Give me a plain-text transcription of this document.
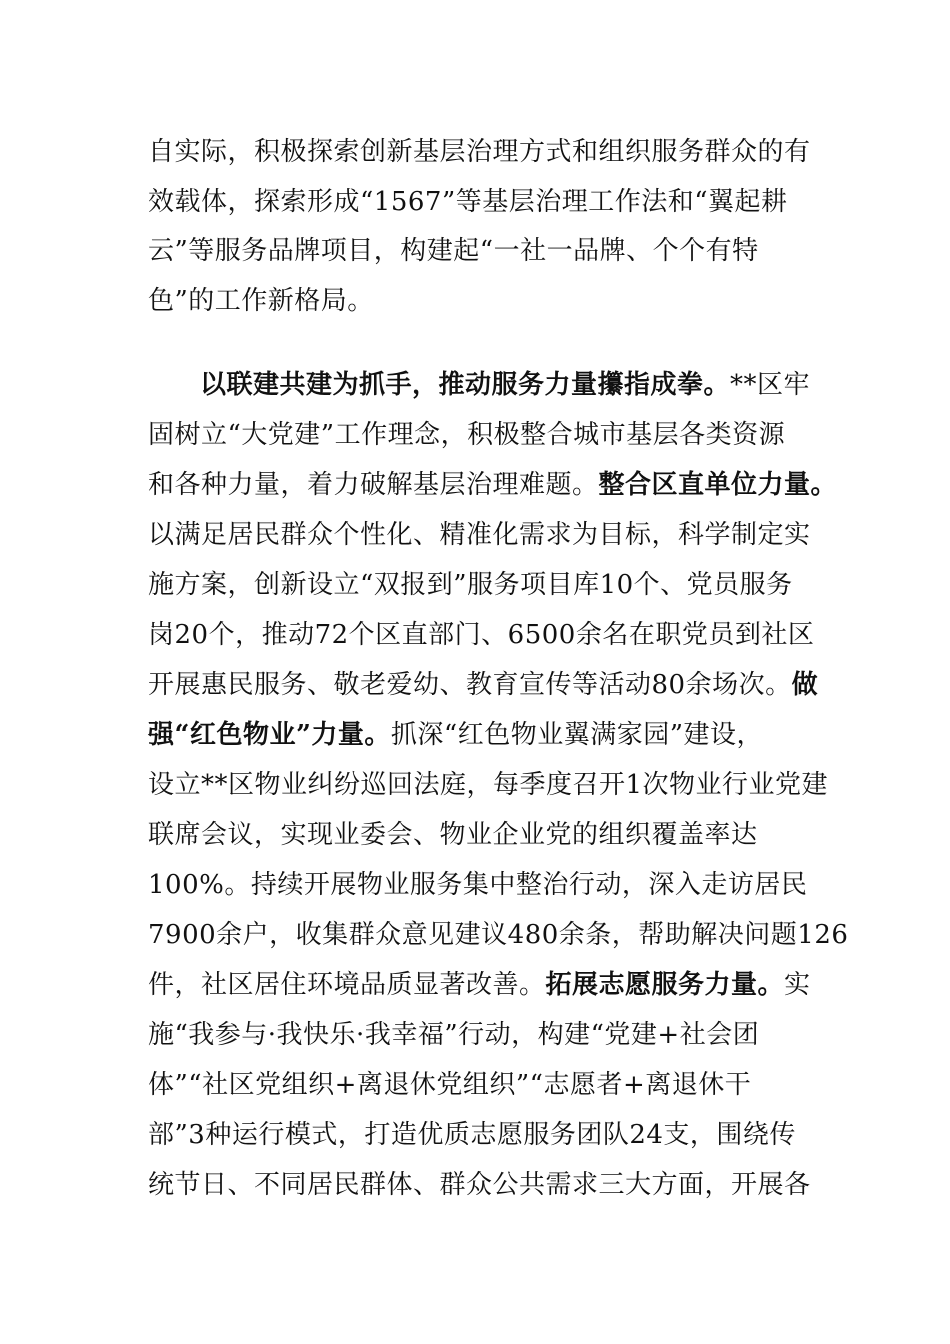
自实际，积极探索创新基层治理方式和组织服务群众的有
效载体，探索形成“1567”等基层治理工作法和“翼起耕
云”等服务品牌项目，构建起“一社一品牌、个个有特
色”的工作新格局。
以联建共建为抓手，推动服务力量攥指成拳。**区牢
固树立“大党建”工作理念，积极整合城市基层各类资源
和各种力量，着力破解基层治理难题。整合区直单位力量。
以满足居民群众个性化、精准化需求为目标，科学制定实
施方案，创新设立“双报到”服务项目库10个、党员服务
岗20个，推动72个区直部门、6500余名在职党员到社区
开展惠民服务、敬老爱幼、教育宣传等活动80余场次。做
强“红色物业”力量。抓深“红色物业翼满家园”建设，
设立**区物业纠纷巡回法庭，每季度召开1次物业行业党建
联席会议，实现业委会、物业企业党的组织覆盖率达
100%。持续开展物业服务集中整治行动，深入走访居民
7900余户，收集群众意见建议480余条，帮助解决问题126
件，社区居住环境品质显著改善。拓展志愿服务力量。实
施“我参与·我快乐·我幸福”行动，构建“党建+社会团
体”“社区党组织+离退休党组织”“志愿者+离退休干
部”3种运行模式，打造优质志愿服务团队24支，围绕传
统节日、不同居民群体、群众公共需求三大方面，开展各
